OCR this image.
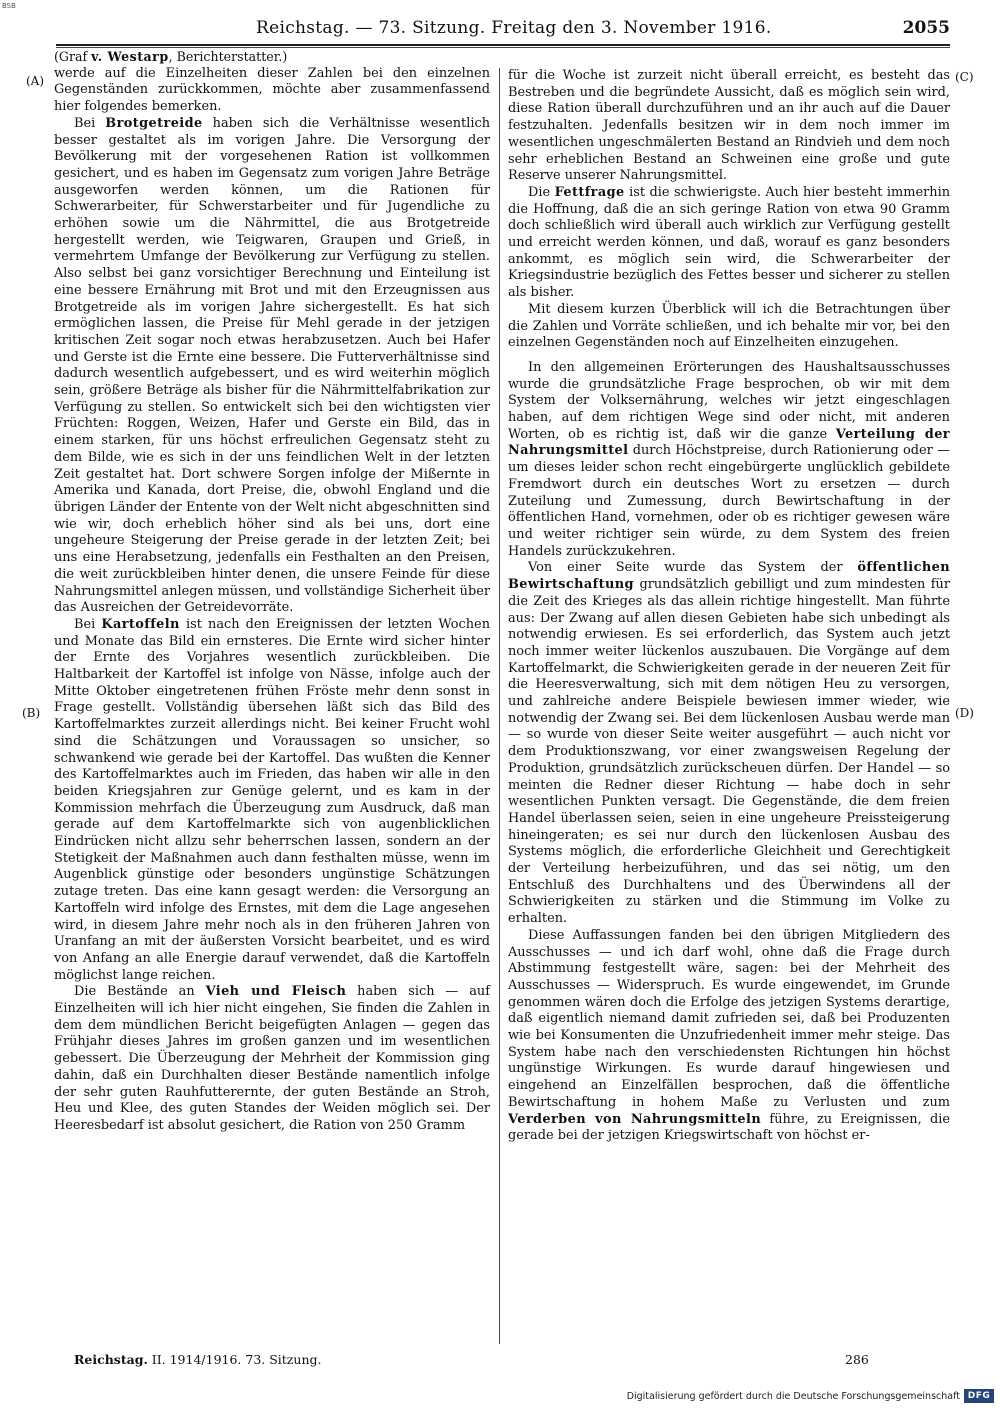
BSB
Reichstag. — 73. Sitzung. Freitag den 3. November 1916.	2055
(A)
(B)
(C)
(D)

(Graf v. Westarp, Berichterstatter.)

werde auf die Einzelheiten dieser Zahlen bei den einzelnen Gegenständen zurückkommen, möchte aber zusammenfassend hier folgendes bemerken.

Bei Brotgetreide haben sich die Verhältnisse wesentlich besser gestaltet als im vorigen Jahre. Die Versorgung der Bevölkerung mit der vorgesehenen Ration ist vollkommen gesichert, und es haben im Gegensatz zum vorigen Jahre Beträge ausgeworfen werden können, um die Rationen für Schwerarbeiter, für Schwerstarbeiter und für Jugendliche zu erhöhen sowie um die Nährmittel, die aus Brotgetreide hergestellt werden, wie Teigwaren, Graupen und Grieß, in vermehrtem Umfange der Bevölkerung zur Verfügung zu stellen. Also selbst bei ganz vorsichtiger Berechnung und Einteilung ist eine bessere Ernährung mit Brot und mit den Erzeugnissen aus Brotgetreide als im vorigen Jahre sichergestellt. Es hat sich ermöglichen lassen, die Preise für Mehl gerade in der jetzigen kritischen Zeit sogar noch etwas herabzusetzen. Auch bei Hafer und Gerste ist die Ernte eine bessere. Die Futterverhältnisse sind dadurch wesentlich aufgebessert, und es wird weiterhin möglich sein, größere Beträge als bisher für die Nährmittelfabrikation zur Verfügung zu stellen. So entwickelt sich bei den wichtigsten vier Früchten: Roggen, Weizen, Hafer und Gerste ein Bild, das in einem starken, für uns höchst erfreulichen Gegensatz steht zu dem Bilde, wie es sich in der uns feindlichen Welt in der letzten Zeit gestaltet hat. Dort schwere Sorgen infolge der Mißernte in Amerika und Kanada, dort Preise, die, obwohl England und die übrigen Länder der Entente von der Welt nicht abgeschnitten sind wie wir, doch erheblich höher sind als bei uns, dort eine ungeheure Steigerung der Preise gerade in der letzten Zeit; bei uns eine Herabsetzung, jedenfalls ein Festhalten an den Preisen, die weit zurückbleiben hinter denen, die unsere Feinde für diese Nahrungsmittel anlegen müssen, und vollständige Sicherheit über das Ausreichen der Getreidevorräte.

Bei Kartoffeln ist nach den Ereignissen der letzten Wochen und Monate das Bild ein ernsteres. Die Ernte wird sicher hinter der Ernte des Vorjahres wesentlich zurückbleiben. Die Haltbarkeit der Kartoffel ist infolge von Nässe, infolge auch der Mitte Oktober eingetretenen frühen Fröste mehr denn sonst in Frage gestellt. Vollständig übersehen läßt sich das Bild des Kartoffelmarktes zurzeit allerdings nicht. Bei keiner Frucht wohl sind die Schätzungen und Voraussagen so unsicher, so schwankend wie gerade bei der Kartoffel. Das wußten die Kenner des Kartoffelmarktes auch im Frieden, das haben wir alle in den beiden Kriegsjahren zur Genüge gelernt, und es kam in der Kommission mehrfach die Überzeugung zum Ausdruck, daß man gerade auf dem Kartoffelmarkte sich von augenblicklichen Eindrücken nicht allzu sehr beherrschen lassen, sondern an der Stetigkeit der Maßnahmen auch dann festhalten müsse, wenn im Augenblick günstige oder besonders ungünstige Schätzungen zutage treten. Das eine kann gesagt werden: die Versorgung an Kartoffeln wird infolge des Ernstes, mit dem die Lage angesehen wird, in diesem Jahre mehr noch als in den früheren Jahren von Uranfang an mit der äußersten Vorsicht bearbeitet, und es wird von Anfang an alle Energie darauf verwendet, daß die Kartoffeln möglichst lange reichen.

Die Bestände an Vieh und Fleisch haben sich — auf Einzelheiten will ich hier nicht eingehen, Sie finden die Zahlen in dem dem mündlichen Bericht beigefügten Anlagen — gegen das Frühjahr dieses Jahres im großen ganzen und im wesentlichen gebessert. Die Überzeugung der Mehrheit der Kommission ging dahin, daß ein Durchhalten dieser Bestände namentlich infolge der sehr guten Rauhfutterernte, der guten Bestände an Stroh, Heu und Klee, des guten Standes der Weiden möglich sei. Der Heeresbedarf ist absolut gesichert, die Ration von 250 Gramm

für die Woche ist zurzeit nicht überall erreicht, es besteht das Bestreben und die begründete Aussicht, daß es möglich sein wird, diese Ration überall durchzuführen und an ihr auch auf die Dauer festzuhalten. Jedenfalls besitzen wir in dem noch immer im wesentlichen ungeschmälerten Bestand an Rindvieh und dem noch sehr erheblichen Bestand an Schweinen eine große und gute Reserve unserer Nahrungsmittel.

Die Fettfrage ist die schwierigste. Auch hier besteht immerhin die Hoffnung, daß die an sich geringe Ration von etwa 90 Gramm doch schließlich wird überall auch wirklich zur Verfügung gestellt und erreicht werden können, und daß, worauf es ganz besonders ankommt, es möglich sein wird, die Schwerarbeiter der Kriegsindustrie bezüglich des Fettes besser und sicherer zu stellen als bisher.

Mit diesem kurzen Überblick will ich die Betrachtungen über die Zahlen und Vorräte schließen, und ich behalte mir vor, bei den einzelnen Gegenständen noch auf Einzelheiten einzugehen.

In den allgemeinen Erörterungen des Haushaltsausschusses wurde die grundsätzliche Frage besprochen, ob wir mit dem System der Volksernährung, welches wir jetzt eingeschlagen haben, auf dem richtigen Wege sind oder nicht, mit anderen Worten, ob es richtig ist, daß wir die ganze Verteilung der Nahrungsmittel durch Höchstpreise, durch Rationierung oder — um dieses leider schon recht eingebürgerte unglücklich gebildete Fremdwort durch ein deutsches Wort zu ersetzen — durch Zuteilung und Zumessung, durch Bewirtschaftung in der öffentlichen Hand, vornehmen, oder ob es richtiger gewesen wäre und weiter richtiger sein würde, zu dem System des freien Handels zurückzukehren.

Von einer Seite wurde das System der öffentlichen Bewirtschaftung grundsätzlich gebilligt und zum mindesten für die Zeit des Krieges als das allein richtige hingestellt. Man führte aus: Der Zwang auf allen diesen Gebieten habe sich unbedingt als notwendig erwiesen. Es sei erforderlich, das System auch jetzt noch immer weiter lückenlos auszubauen. Die Vorgänge auf dem Kartoffelmarkt, die Schwierigkeiten gerade in der neueren Zeit für die Heeresverwaltung, sich mit dem nötigen Heu zu versorgen, und zahlreiche andere Beispiele bewiesen immer wieder, wie notwendig der Zwang sei. Bei dem lückenlosen Ausbau werde man — so wurde von dieser Seite weiter ausgeführt — auch nicht vor dem Produktionszwang, vor einer zwangsweisen Regelung der Produktion, grundsätzlich zurückscheuen dürfen. Der Handel — so meinten die Redner dieser Richtung — habe doch in sehr wesentlichen Punkten versagt. Die Gegenstände, die dem freien Handel überlassen seien, seien in eine ungeheure Preissteigerung hineingeraten; es sei nur durch den lückenlosen Ausbau des Systems möglich, die erforderliche Gleichheit und Gerechtigkeit der Verteilung herbeizuführen, und das sei nötig, um den Entschluß des Durchhaltens und des Überwindens all der Schwierigkeiten zu stärken und die Stimmung im Volke zu erhalten.

Diese Auffassungen fanden bei den übrigen Mitgliedern des Ausschusses — und ich darf wohl, ohne daß die Frage durch Abstimmung festgestellt wäre, sagen: bei der Mehrheit des Ausschusses — Widerspruch. Es wurde eingewendet, im Grunde genommen wären doch die Erfolge des jetzigen Systems derartige, daß eigentlich niemand damit zufrieden sei, daß bei Produzenten wie bei Konsumenten die Unzufriedenheit immer mehr steige. Das System habe nach den verschiedensten Richtungen hin höchst ungünstige Wirkungen. Es wurde darauf hingewiesen und eingehend an Einzelfällen besprochen, daß die öffentliche Bewirtschaftung in hohem Maße zu Verlusten und zum Verderben von Nahrungsmitteln führe, zu Ereignissen, die gerade bei der jetzigen Kriegswirtschaft von höchst er-

Reichstag. II. 1914/1916. 73. Sitzung.	286
Digitalisierung gefördert durch die Deutsche Forschungsgemeinschaft DFG
